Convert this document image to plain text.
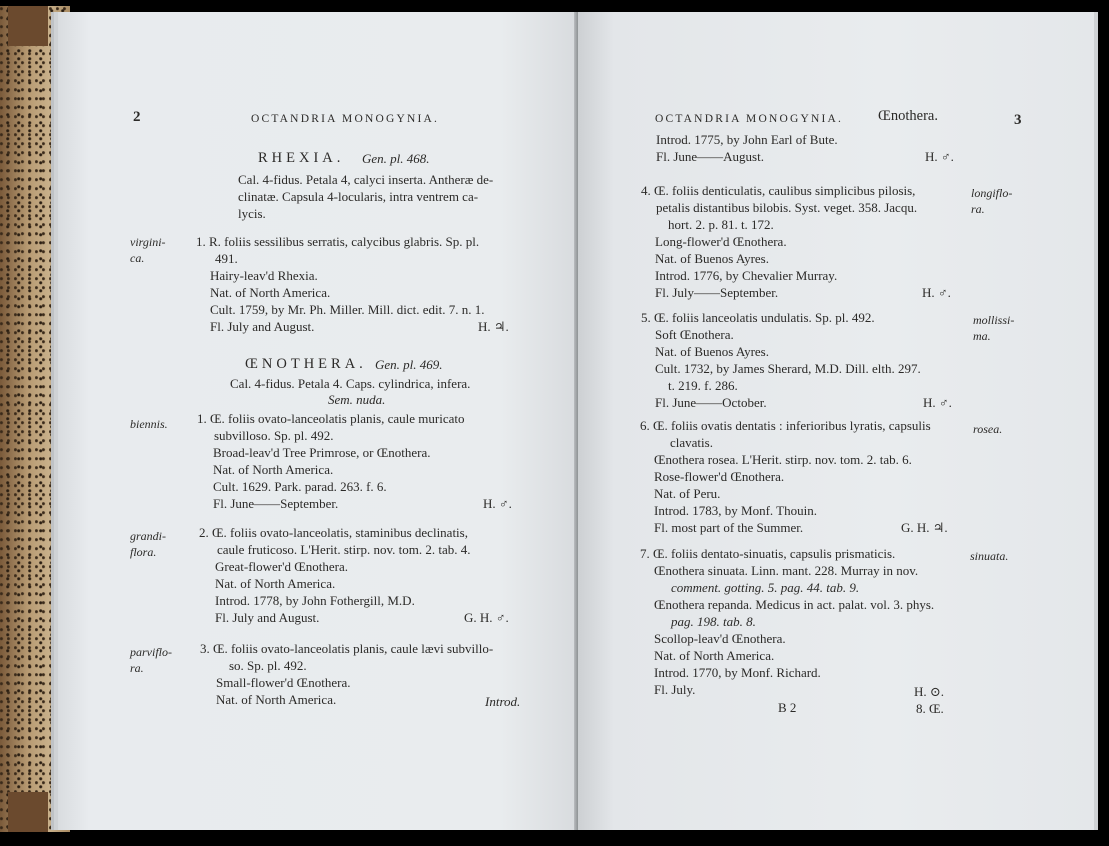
2	OCTANDRIA MONOGYNIA.
RHEXIA. Gen. pl. 468.
Cal. 4-fidus. Petala 4, calyci inserta. Antheræ de-
clinatæ. Capsula 4-locularis, intra ventrem ca-
lycis.
virgini-
ca.
1. R. foliis sessilibus serratis, calycibus glabris. Sp. pl.
491.
Hairy-leav'd Rhexia.
Nat. of North America.
Cult. 1759, by Mr. Ph. Miller. Mill. dict. edit. 7. n. 1.
Fl. July and August.	H. ♃.
ŒNOTHERA. Gen. pl. 469.
Cal. 4-fidus. Petala 4. Caps. cylindrica, infera.
Sem. nuda.
biennis. 1. Œ. foliis ovato-lanceolatis planis, caule muricato
subvilloso. Sp. pl. 492.
Broad-leav'd Tree Primrose, or Œnothera.
Nat. of North America.
Cult. 1629. Park. parad. 263. f. 6.
Fl. June——September.	H. ♂.
grandi-
flora.
2. Œ. foliis ovato-lanceolatis, staminibus declinatis,
caule fruticoso. L'Herit. stirp. nov. tom. 2. tab. 4.
Great-flower'd Œnothera.
Nat. of North America.
Introd. 1778, by John Fothergill, M.D.
Fl. July and August.	G. H. ♂.
parviflo-
ra.
3. Œ. foliis ovato-lanceolatis planis, caule lævi subvillo-
so. Sp. pl. 492.
Small-flower'd Œnothera.
Nat. of North America.	Introd.
OCTANDRIA MONOGYNIA. Œnothera.	3
Introd. 1775, by John Earl of Bute.
Fl. June——August.	H. ♂.
4. Œ. foliis denticulatis, caulibus simplicibus pilosis,
petalis distantibus bilobis. Syst. veget. 358. Jacqu.
hort. 2. p. 81. t. 172.
Long-flower'd Œnothera.
Nat. of Buenos Ayres.
Introd. 1776, by Chevalier Murray.
Fl. July——September.	H. ♂.
longiflo-
ra.
5. Œ. foliis lanceolatis undulatis. Sp. pl. 492.
Soft Œnothera.
Nat. of Buenos Ayres.
Cult. 1732, by James Sherard, M.D. Dill. elth. 297.
t. 219. f. 286.
Fl. June——October.	H. ♂.
mollissi-
ma.
6. Œ. foliis ovatis dentatis : inferioribus lyratis, capsulis
clavatis.
Œnothera rosea. L'Herit. stirp. nov. tom. 2. tab. 6.
Rose-flower'd Œnothera.
Nat. of Peru.
Introd. 1783, by Monf. Thouin.
Fl. most part of the Summer.	G. H. ♃.
rosea.
7. Œ. foliis dentato-sinuatis, capsulis prismaticis.
Œnothera sinuata. Linn. mant. 228. Murray in nov.
comment. gotting. 5. pag. 44. tab. 9.
Œnothera repanda. Medicus in act. palat. vol. 3. phys.
pag. 198. tab. 8.
Scollop-leav'd Œnothera.
Nat. of North America.
Introd. 1770, by Monf. Richard.
Fl. July.	H. ⊙.
sinuata.
B 2	8. Œ.
